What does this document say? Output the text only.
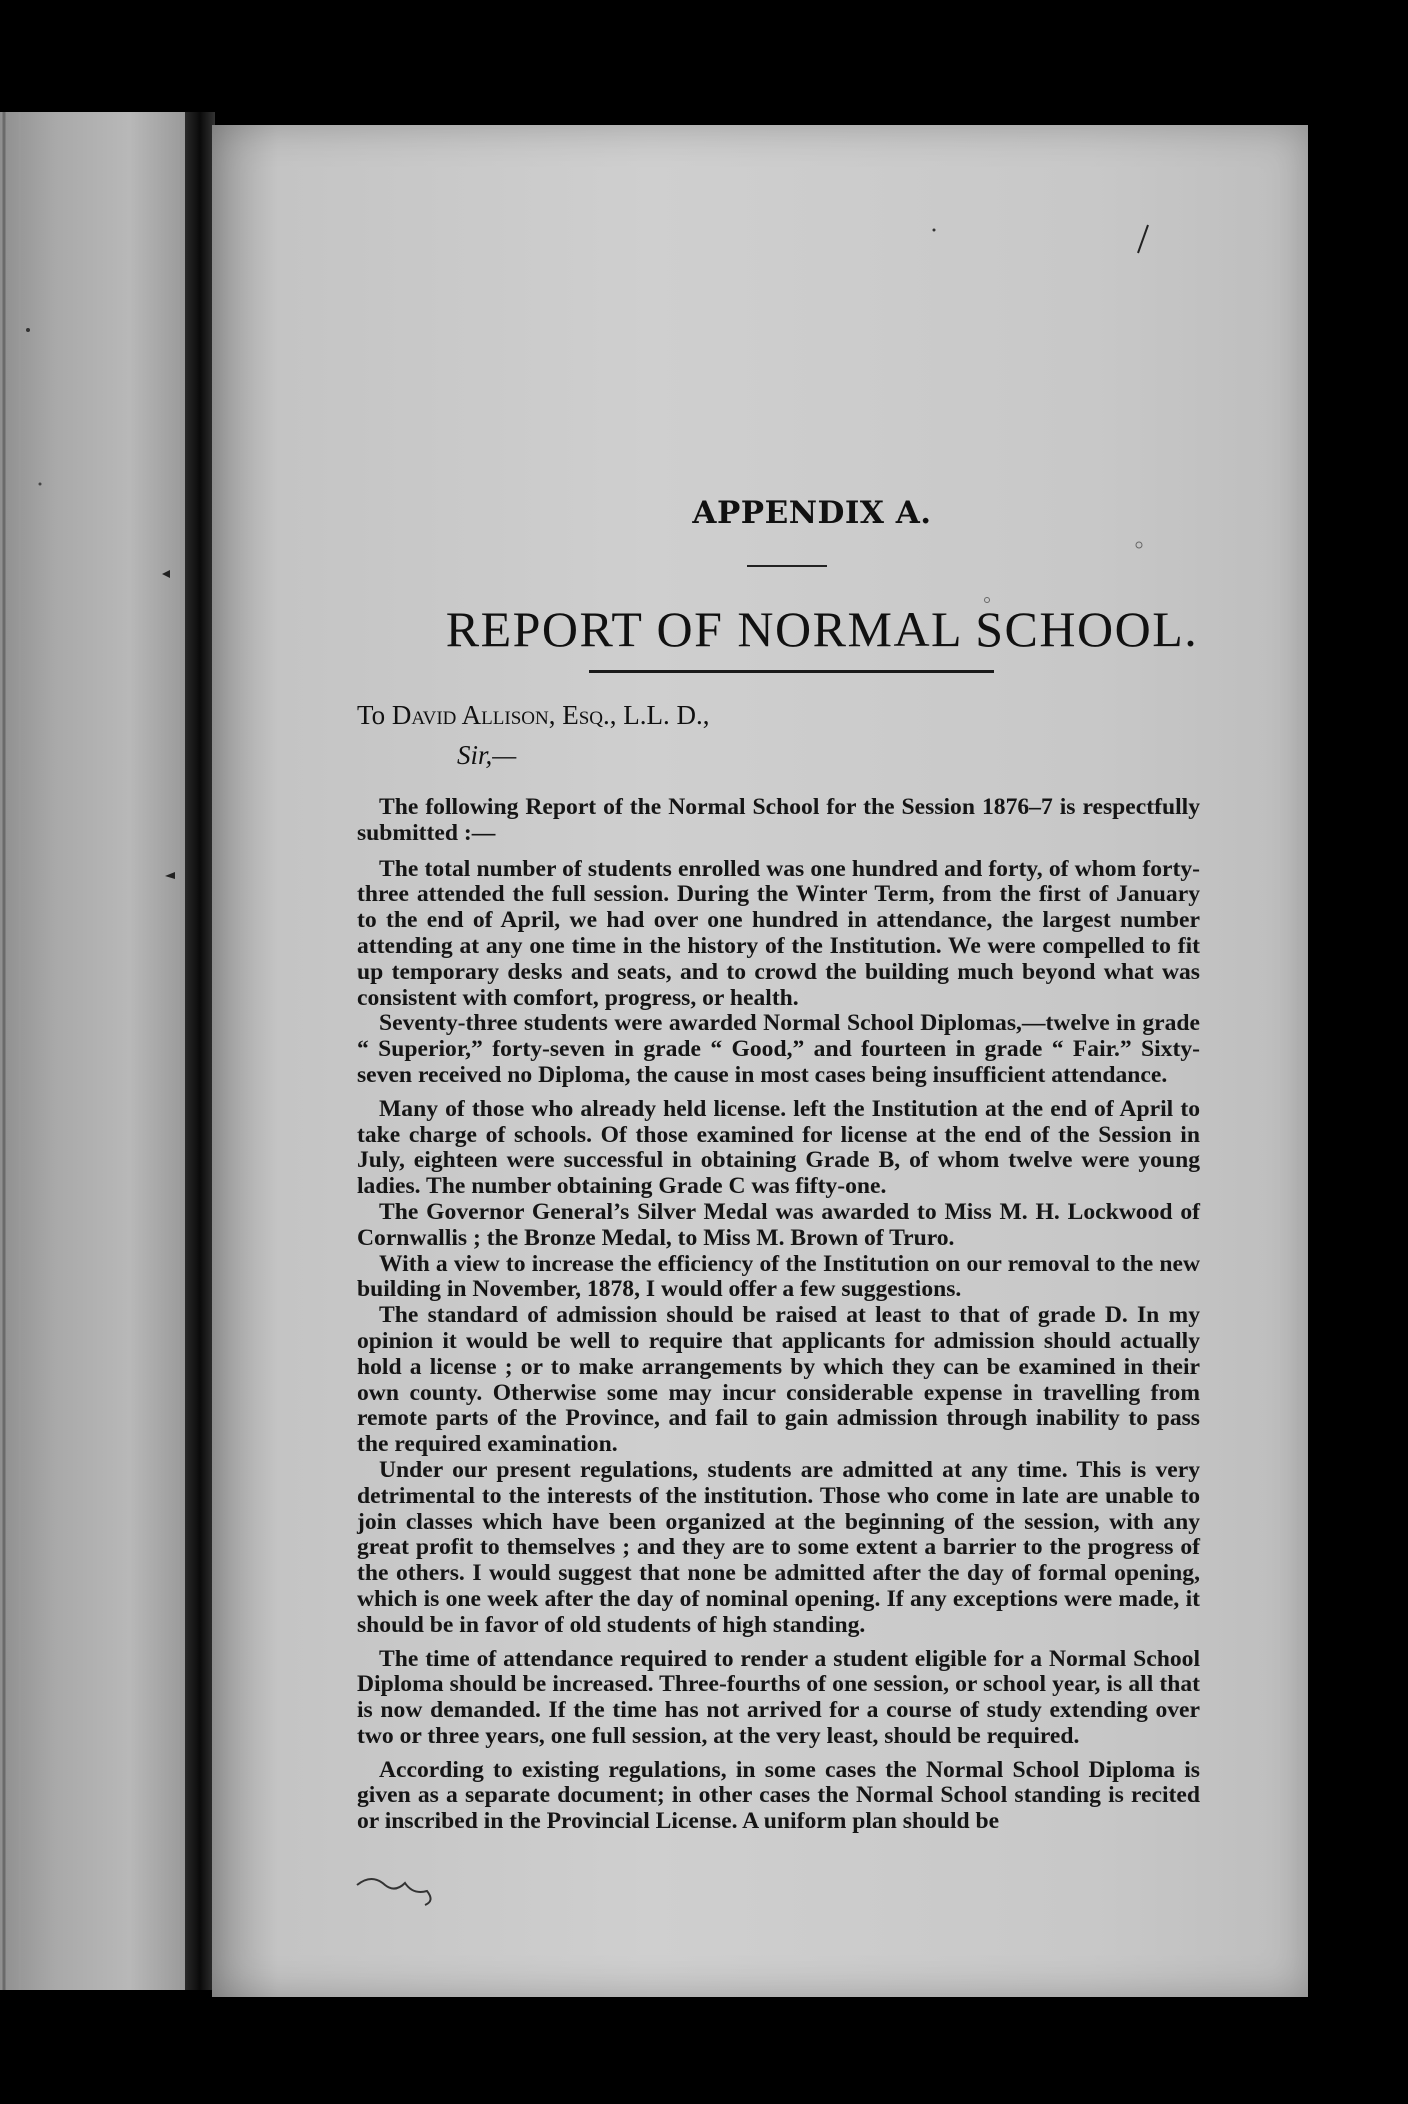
APPENDIX A.
REPORT OF NORMAL SCHOOL.
To David Allison, Esq., L.L. D.,
Sir,—

The following Report of the Normal School for the Session 1876–7 is respectfully submitted :—

The total number of students enrolled was one hundred and forty, of whom forty-three attended the full session. During the Winter Term, from the first of January to the end of April, we had over one hundred in attendance, the largest number attending at any one time in the history of the Institution. We were compelled to fit up temporary desks and seats, and to crowd the building much beyond what was consistent with comfort, progress, or health.

Seventy-three students were awarded Normal School Diplomas,—twelve in grade “ Superior,” forty-seven in grade “ Good,” and fourteen in grade “ Fair.” Sixty-seven received no Diploma, the cause in most cases being insufficient attendance.

Many of those who already held license. left the Institution at the end of April to take charge of schools. Of those examined for license at the end of the Session in July, eighteen were successful in obtaining Grade B, of whom twelve were young ladies. The number obtaining Grade C was fifty-one.

The Governor General’s Silver Medal was awarded to Miss M. H. Lockwood of Cornwallis ; the Bronze Medal, to Miss M. Brown of Truro.

With a view to increase the efficiency of the Institution on our removal to the new building in November, 1878, I would offer a few suggestions.

The standard of admission should be raised at least to that of grade D. In my opinion it would be well to require that applicants for admission should actually hold a license ; or to make arrangements by which they can be examined in their own county. Otherwise some may incur considerable expense in travelling from remote parts of the Province, and fail to gain admission through inability to pass the required examination.

Under our present regulations, students are admitted at any time. This is very detrimental to the interests of the institution. Those who come in late are unable to join classes which have been organized at the beginning of the session, with any great profit to themselves ; and they are to some extent a barrier to the progress of the others. I would suggest that none be admitted after the day of formal opening, which is one week after the day of nominal opening. If any exceptions were made, it should be in favor of old students of high standing.

The time of attendance required to render a student eligible for a Normal School Diploma should be increased. Three-fourths of one session, or school year, is all that is now demanded. If the time has not arrived for a course of study extending over two or three years, one full session, at the very least, should be required.

According to existing regulations, in some cases the Normal School Diploma is given as a separate document; in other cases the Normal School standing is recited or inscribed in the Provincial License. A uniform plan should be
